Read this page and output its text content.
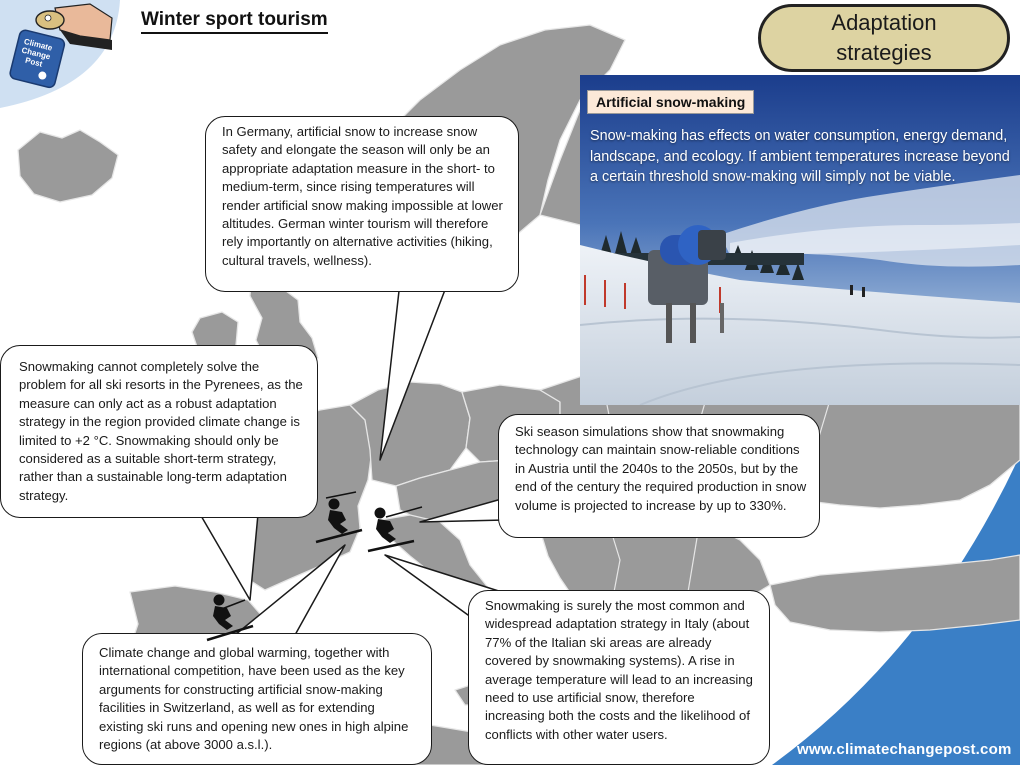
Climate Change Post
Winter sport tourism	Adaptation
strategies
Artificial snow-making
Snow-making has effects on water consumption, energy demand, landscape, and ecology. If ambient temperatures increase beyond a certain threshold snow-making will simply not be viable.
In Germany, artificial snow to increase snow safety and elongate the season will only be an appropriate adaptation measure in the short- to medium-term, since rising temperatures will render artificial snow making impossible at lower altitudes. German winter tourism will therefore rely importantly on alternative activities (hiking, cultural travels, wellness).
Snowmaking cannot completely solve the problem for all ski resorts in the Pyrenees, as the measure can only act as a robust adaptation strategy in the region provided climate change is limited to +2 °C. Snowmaking should only be considered as a suitable short-term strategy, rather than a sustainable long-term adaptation strategy.
Ski season simulations show that snowmaking technology can maintain snow-reliable conditions in Austria until the 2040s to the 2050s, but by the end of the century the required production in snow volume is projected to increase by up to 330%.
Climate change and global warming, together with international competition, have been used as the key arguments for constructing artificial snow-making facilities in Switzerland, as well as for extending existing ski runs and opening new ones in high alpine regions (at above 3000 a.s.l.).
Snowmaking is surely the most common and widespread adaptation strategy in Italy (about 77% of the Italian ski areas are already covered by snowmaking systems). A rise in average temperature will lead to an increasing need to use artificial snow, therefore increasing both the costs and the likelihood of conflicts with other water users.
www.climatechangepost.com
